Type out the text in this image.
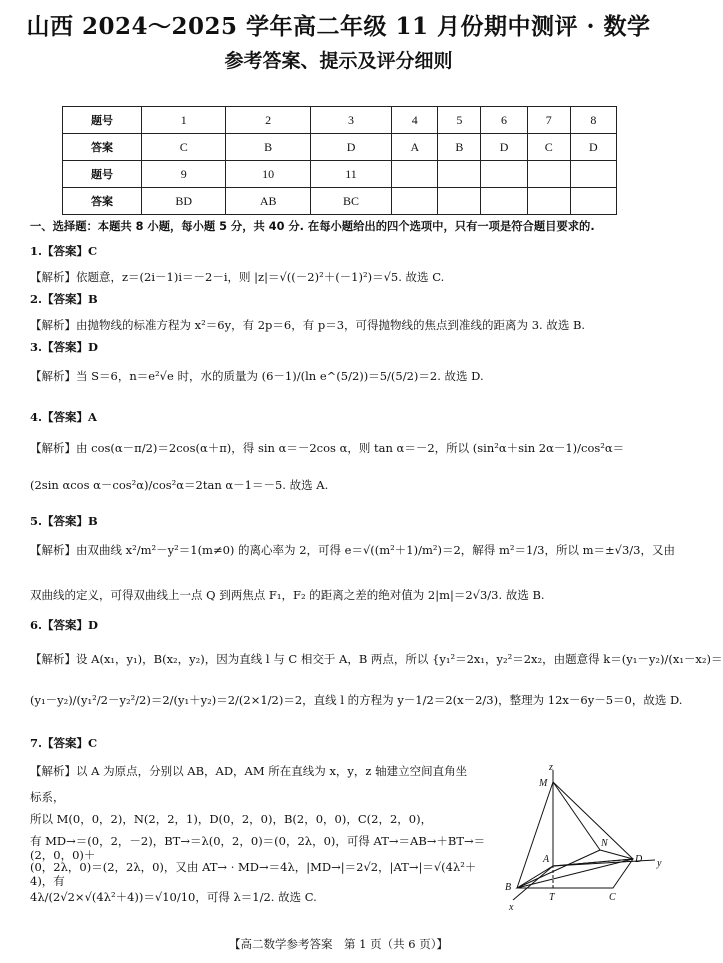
山西 2024～2025 学年高二年级 11 月份期中测评 · 数学
参考答案、提示及评分细则
题号	1	2	3	4	5	6	7	8
答案	C	B	D	A	B	D	C	D
题号	9	10	11					
答案	BD	AB	BC					
一、选择题：本题共 8 小题，每小题 5 分，共 40 分. 在每小题给出的四个选项中，只有一项是符合题目要求的.
1.【答案】C
【解析】依题意，z＝(2i－1)i＝－2－i，则 |z|＝√((－2)²＋(－1)²)＝√5. 故选 C.
2.【答案】B
【解析】由抛物线的标准方程为 x²＝6y，有 2p＝6，有 p＝3，可得抛物线的焦点到准线的距离为 3. 故选 B.
3.【答案】D
【解析】当 S＝6，n＝e²√e 时，水的质量为 (6－1)/(ln e^(5/2))＝5/(5/2)＝2. 故选 D.
4.【答案】A
【解析】由 cos(α－π/2)＝2cos(α＋π)，得 sin α＝－2cos α，则 tan α＝－2，所以 (sin²α＋sin 2α－1)/cos²α＝
(2sin αcos α－cos²α)/cos²α＝2tan α－1＝－5. 故选 A.
5.【答案】B
【解析】由双曲线 x²/m²－y²＝1(m≠0) 的离心率为 2，可得 e＝√((m²＋1)/m²)＝2，解得 m²＝1/3，所以 m＝±√3/3，又由
双曲线的定义，可得双曲线上一点 Q 到两焦点 F₁，F₂ 的距离之差的绝对值为 2|m|＝2√3/3. 故选 B.
6.【答案】D
【解析】设 A(x₁，y₁)，B(x₂，y₂)，因为直线 l 与 C 相交于 A，B 两点，所以 {y₁²＝2x₁，y₂²＝2x₂，由题意得 k＝(y₁－y₂)/(x₁－x₂)＝
(y₁－y₂)/(y₁²/2－y₂²/2)＝2/(y₁＋y₂)＝2/(2×1/2)＝2，直线 l 的方程为 y－1/2＝2(x－2/3)，整理为 12x－6y－5＝0，故选 D.
7.【答案】C
【解析】以 A 为原点，分别以 AB，AD，AM 所在直线为 x，y，z 轴建立空间直角坐
标系，
所以 M(0，0，2)，N(2，2，1)，D(0，2，0)，B(2，0，0)，C(2，2，0)，
有 MD→＝(0，2，－2)，BT→＝λ(0，2，0)＝(0，2λ，0)，可得 AT→＝AB→＋BT→＝(2，0，0)＋
(0，2λ，0)＝(2，2λ，0)，又由 AT→ · MD→＝4λ，|MD→|＝2√2，|AT→|＝√(4λ²＋4)，有
4λ/(2√2×√(4λ²＋4))＝√10/10，可得 λ＝1/2. 故选 C.
z
M
N
A	D y
B
T	C
x
【高二数学参考答案　第 1 页（共 6 页）】
